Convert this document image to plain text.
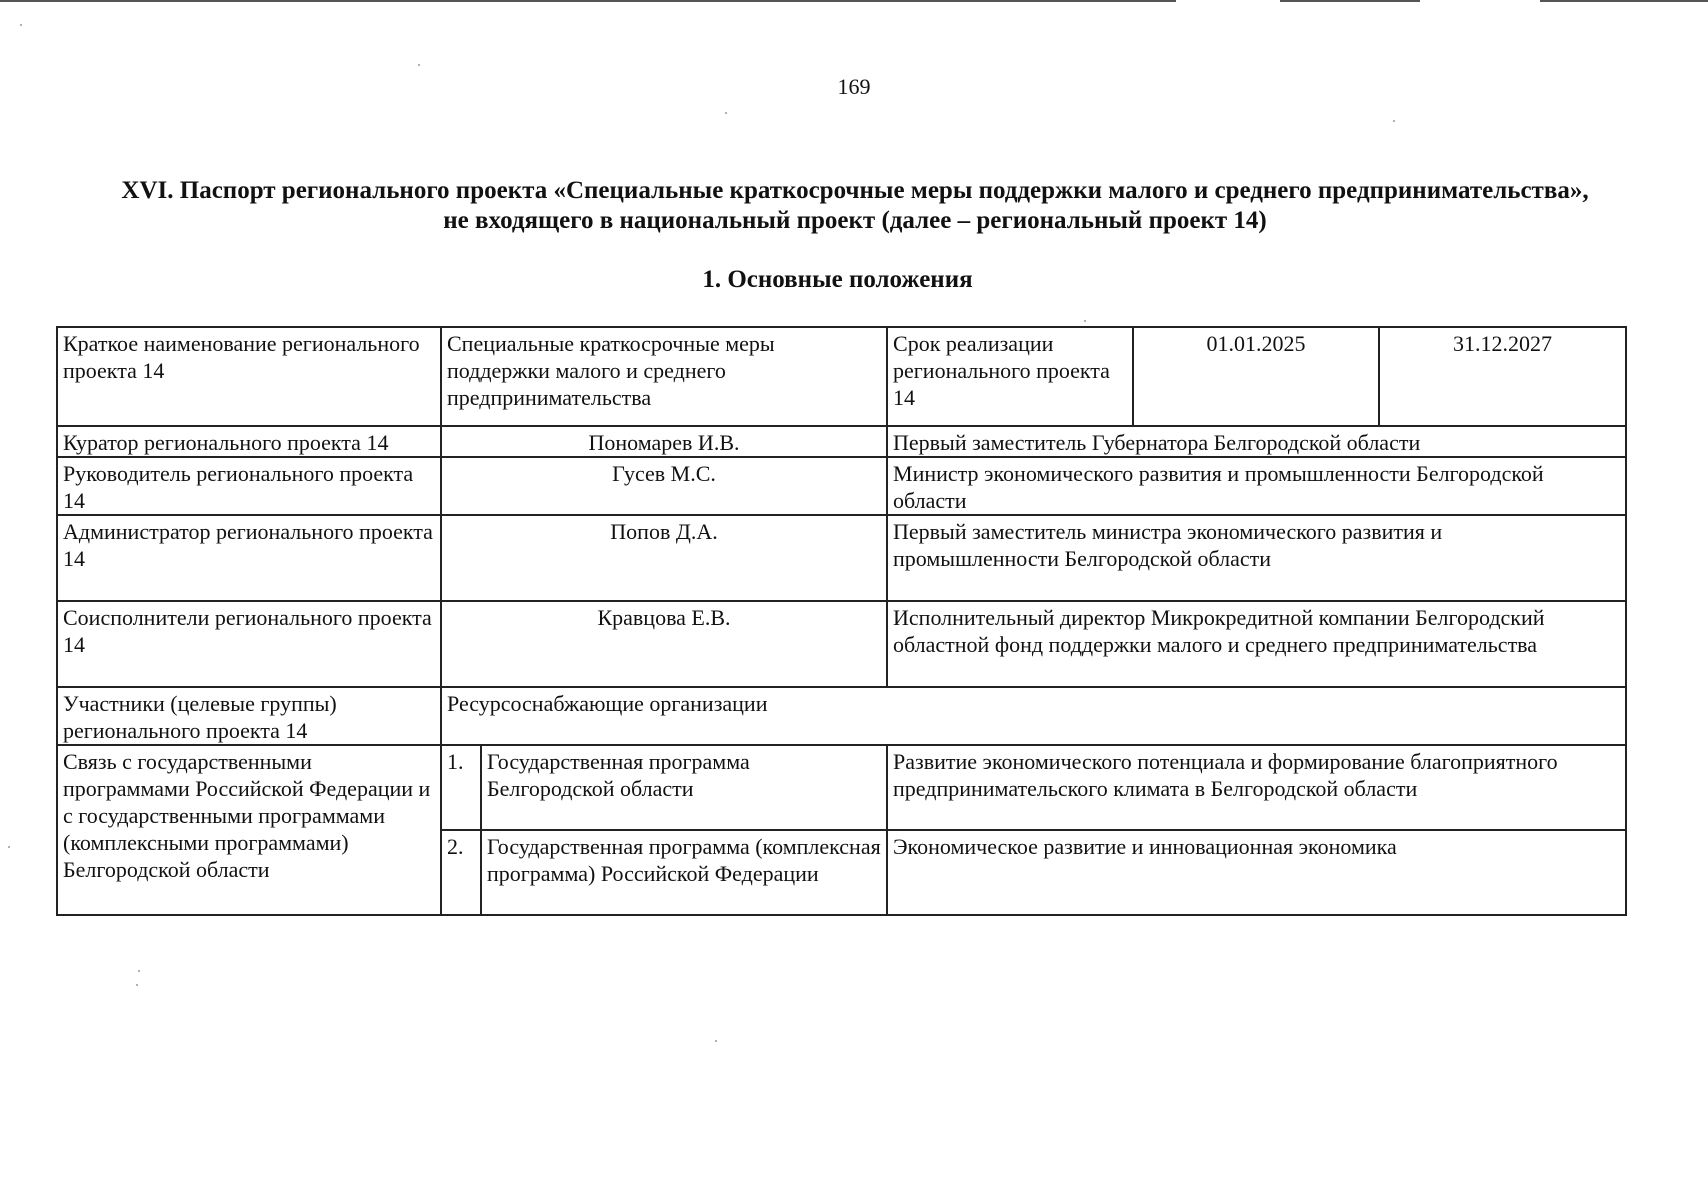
169
XVI. Паспорт регионального проекта «Специальные краткосрочные меры поддержки малого и среднего предпринимательства»,
не входящего в национальный проект (далее – региональный проект 14)
1. Основные положения
Краткое наименование регионального проекта 14	Специальные краткосрочные меры поддержки малого и среднего предпринимательства		Срок реализации регионального проекта 14	01.01.2025	31.12.2027
Куратор регионального проекта 14	Пономарев И.В.		Первый заместитель Губернатора Белгородской области		
Руководитель регионального проекта 14	Гусев М.С.		Министр экономического развития и промышленности Белгородской области		
Администратор регионального проекта 14	Попов Д.А.		Первый заместитель министра экономического развития и промышленности Белгородской области		
Соисполнители регионального проекта 14	Кравцова Е.В.		Исполнительный директор Микрокредитной компании Белгородский областной фонд поддержки малого и среднего предпринимательства		
Участники (целевые группы) регионального проекта 14	Ресурсоснабжающие организации				
Связь с государственными программами Российской Федерации и с государственными программами (комплексными программами) Белгородской области	1.	Государственная программа Белгородской области	Развитие экономического потенциала и формирование благоприятного предпринимательского климата в Белгородской области		
	2.	Государственная программа (комплексная программа) Российской Федерации	Экономическое развитие и инновационная экономика		
